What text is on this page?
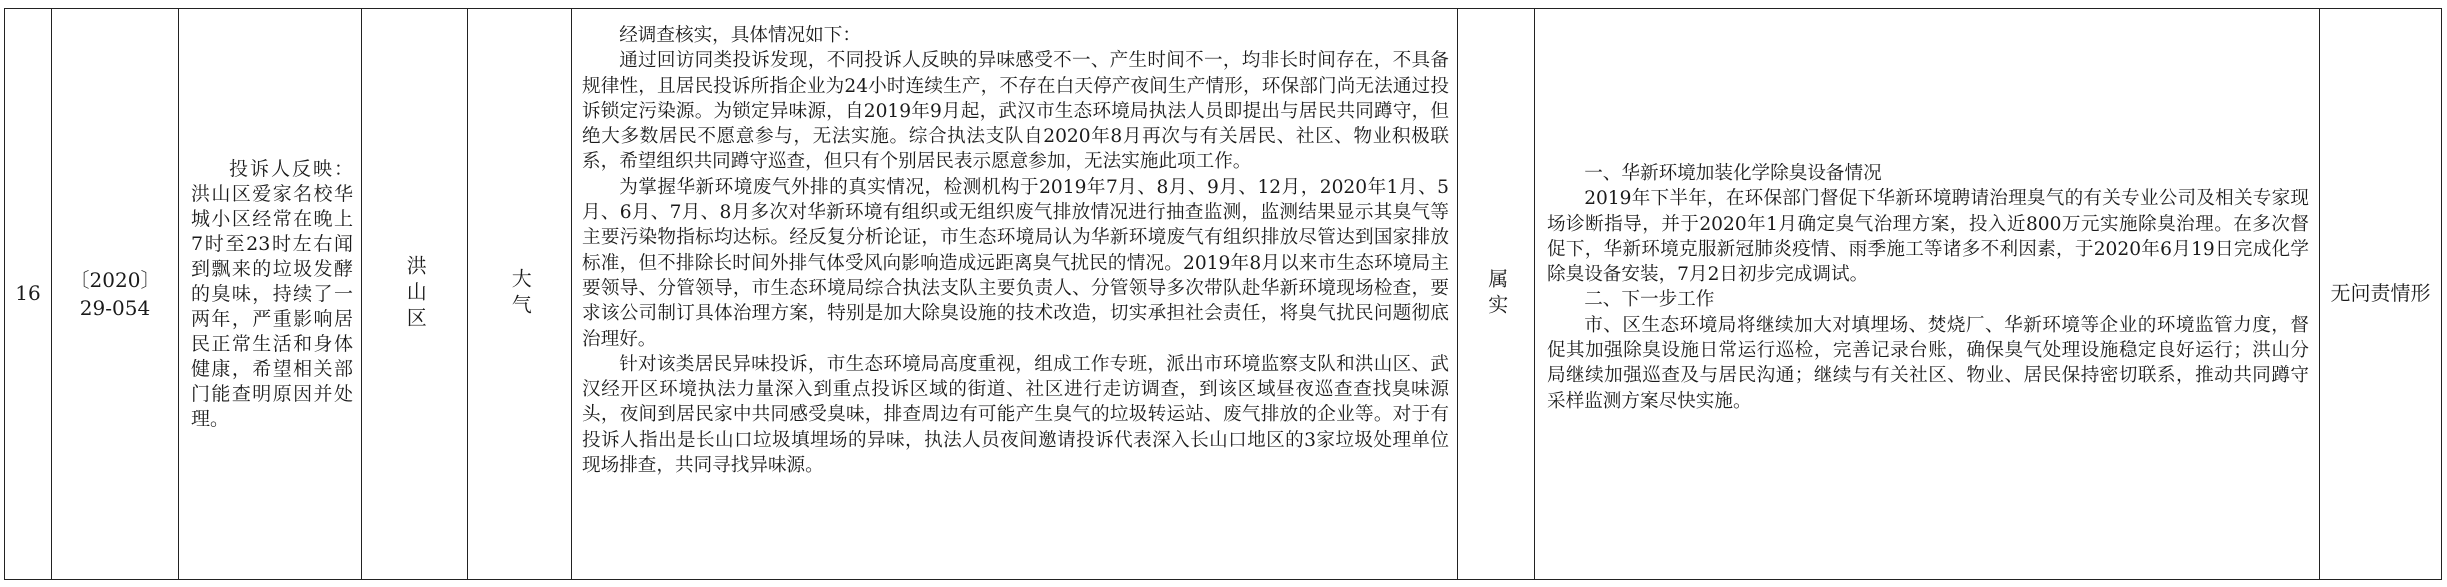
16
〔2020〕29-054
投诉人反映：洪山区爱家名校华城小区经常在晚上7时至23时左右闻到飘来的垃圾发酵的臭味，持续了一两年，严重影响居民正常生活和身体健康，希望相关部门能查明原因并处理。
洪山区	大气

经调查核实，具体情况如下：

通过回访同类投诉发现，不同投诉人反映的异味感受不一、产生时间不一，均非长时间存在，不具备规律性，且居民投诉所指企业为24小时连续生产，不存在白天停产夜间生产情形，环保部门尚无法通过投诉锁定污染源。为锁定异味源，自2019年9月起，武汉市生态环境局执法人员即提出与居民共同蹲守，但绝大多数居民不愿意参与，无法实施。综合执法支队自2020年8月再次与有关居民、社区、物业积极联系，希望组织共同蹲守巡查，但只有个别居民表示愿意参加，无法实施此项工作。

为掌握华新环境废气外排的真实情况，检测机构于2019年7月、8月、9月、12月，2020年1月、5月、6月、7月、8月多次对华新环境有组织或无组织废气排放情况进行抽查监测，监测结果显示其臭气等主要污染物指标均达标。经反复分析论证，市生态环境局认为华新环境废气有组织排放尽管达到国家排放标准，但不排除长时间外排气体受风向影响造成远距离臭气扰民的情况。2019年8月以来市生态环境局主要领导、分管领导，市生态环境局综合执法支队主要负责人、分管领导多次带队赴华新环境现场检查，要求该公司制订具体治理方案，特别是加大除臭设施的技术改造，切实承担社会责任，将臭气扰民问题彻底治理好。

针对该类居民异味投诉，市生态环境局高度重视，组成工作专班，派出市环境监察支队和洪山区、武汉经开区环境执法力量深入到重点投诉区域的街道、社区进行走访调查，到该区域昼夜巡查查找臭味源头，夜间到居民家中共同感受臭味，排查周边有可能产生臭气的垃圾转运站、废气排放的企业等。对于有投诉人指出是长山口垃圾填埋场的异味，执法人员夜间邀请投诉代表深入长山口地区的3家垃圾处理单位现场排查，共同寻找异味源。

属实

一、华新环境加装化学除臭设备情况

2019年下半年，在环保部门督促下华新环境聘请治理臭气的有关专业公司及相关专家现场诊断指导，并于2020年1月确定臭气治理方案，投入近800万元实施除臭治理。在多次督促下，华新环境克服新冠肺炎疫情、雨季施工等诸多不利因素，于2020年6月19日完成化学除臭设备安装，7月2日初步完成调试。

二、下一步工作

市、区生态环境局将继续加大对填埋场、焚烧厂、华新环境等企业的环境监管力度，督促其加强除臭设施日常运行巡检，完善记录台账，确保臭气处理设施稳定良好运行；洪山分局继续加强巡查及与居民沟通；继续与有关社区、物业、居民保持密切联系，推动共同蹲守采样监测方案尽快实施。

无问责情形
